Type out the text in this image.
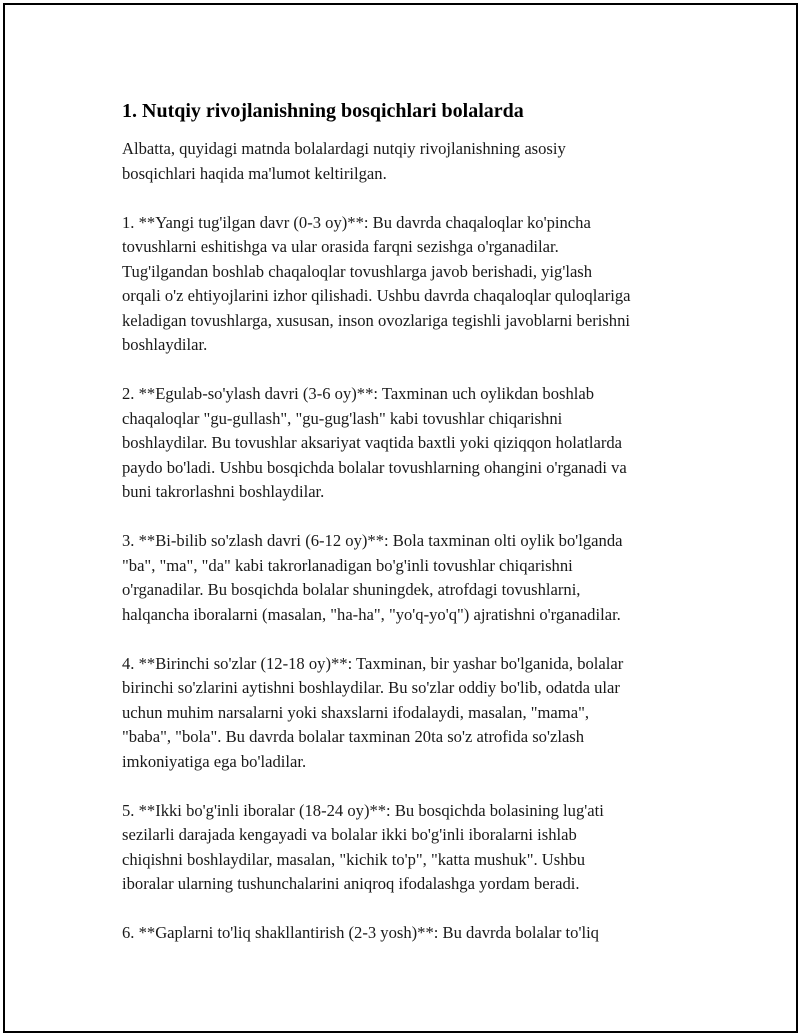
1. Nutqiy rivojlanishning bosqichlari bolalarda

Albatta, quyidagi matnda bolalardagi nutqiy rivojlanishning asosiy
bosqichlari haqida ma'lumot keltirilgan.

1. **Yangi tug'ilgan davr (0-3 oy)**: Bu davrda chaqaloqlar ko'pincha
tovushlarni eshitishga va ular orasida farqni sezishga o'rganadilar.
Tug'ilgandan boshlab chaqaloqlar tovushlarga javob berishadi, yig'lash
orqali o'z ehtiyojlarini izhor qilishadi. Ushbu davrda chaqaloqlar quloqlariga
keladigan tovushlarga, xususan, inson ovozlariga tegishli javoblarni berishni
boshlaydilar.

2. **Egulab-so'ylash davri (3-6 oy)**: Taxminan uch oylikdan boshlab
chaqaloqlar "gu-gullash", "gu-gug'lash" kabi tovushlar chiqarishni
boshlaydilar. Bu tovushlar aksariyat vaqtida baxtli yoki qiziqqon holatlarda
paydo bo'ladi. Ushbu bosqichda bolalar tovushlarning ohangini o'rganadi va
buni takrorlashni boshlaydilar.

3. **Bi-bilib so'zlash davri (6-12 oy)**: Bola taxminan olti oylik bo'lganda
"ba", "ma", "da" kabi takrorlanadigan bo'g'inli tovushlar chiqarishni
o'rganadilar. Bu bosqichda bolalar shuningdek, atrofdagi tovushlarni,
halqancha iboralarni (masalan, "ha-ha", "yo'q-yo'q") ajratishni o'rganadilar.

4. **Birinchi so'zlar (12-18 oy)**: Taxminan, bir yashar bo'lganida, bolalar
birinchi so'zlarini aytishni boshlaydilar. Bu so'zlar oddiy bo'lib, odatda ular
uchun muhim narsalarni yoki shaxslarni ifodalaydi, masalan, "mama",
"baba", "bola". Bu davrda bolalar taxminan 20ta so'z atrofida so'zlash
imkoniyatiga ega bo'ladilar.

5. **Ikki bo'g'inli iboralar (18-24 oy)**: Bu bosqichda bolasining lug'ati
sezilarli darajada kengayadi va bolalar ikki bo'g'inli iboralarni ishlab
chiqishni boshlaydilar, masalan, "kichik to'p", "katta mushuk". Ushbu
iboralar ularning tushunchalarini aniqroq ifodalashga yordam beradi.

6. **Gaplarni to'liq shakllantirish (2-3 yosh)**: Bu davrda bolalar to'liq
